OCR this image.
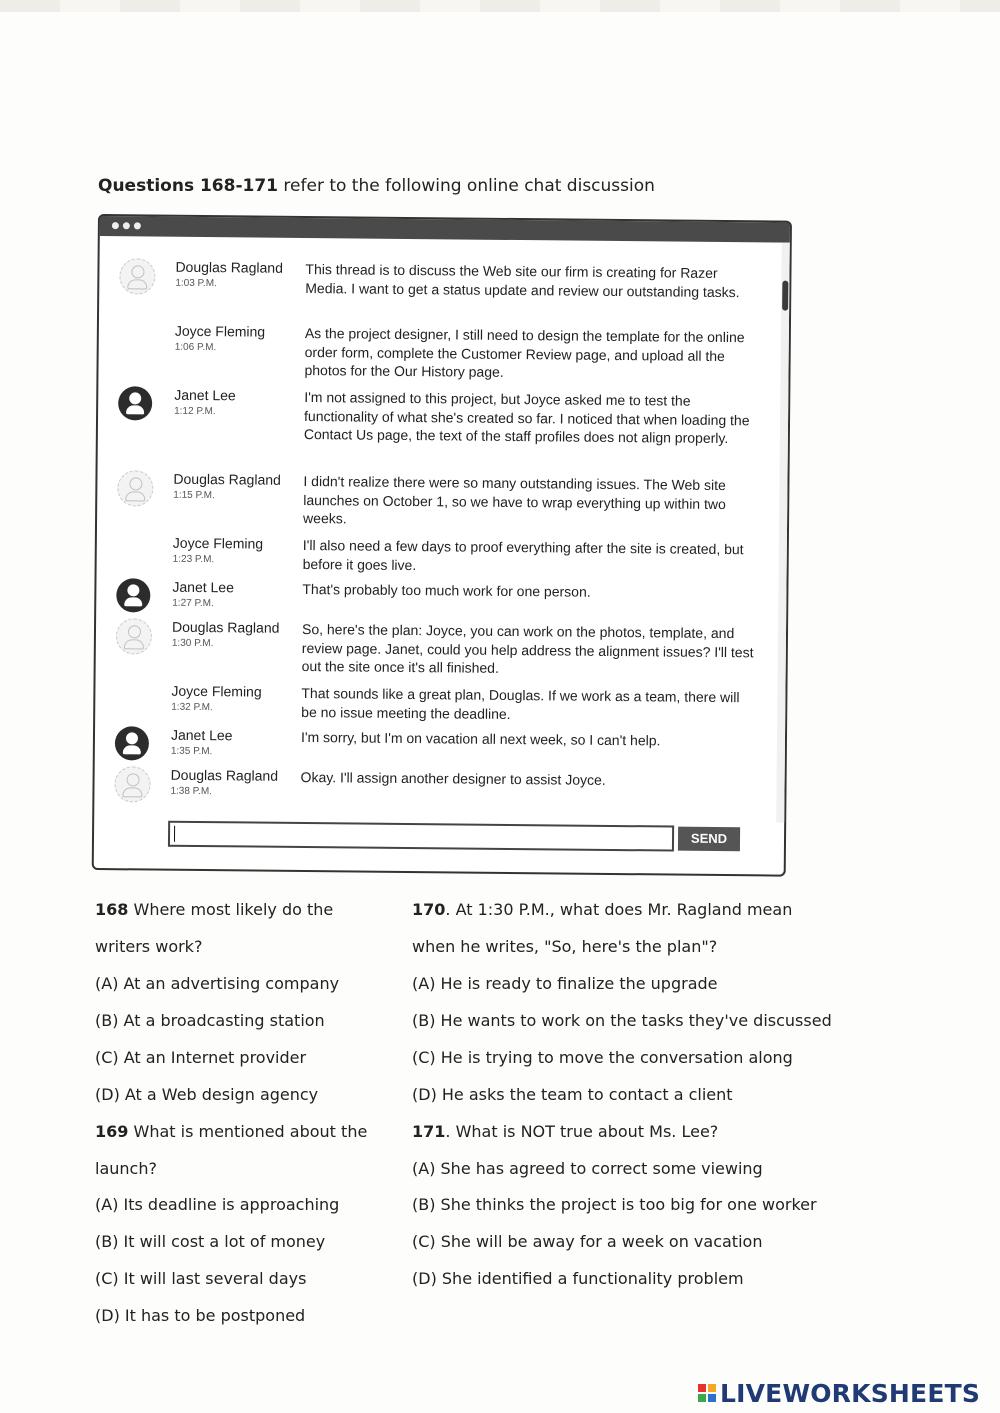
Questions 168-171 refer to the following online chat discussion
Douglas Ragland
1:03 P.M.
This thread is to discuss the Web site our firm is creating for Razer Media. I want to get a status update and review our outstanding tasks.
Joyce Fleming
1:06 P.M.
As the project designer, I still need to design the template for the online order form, complete the Customer Review page, and upload all the photos for the Our History page.
Janet Lee
1:12 P.M.
I'm not assigned to this project, but Joyce asked me to test the functionality of what she's created so far. I noticed that when loading the Contact Us page, the text of the staff profiles does not align properly.
Douglas Ragland
1:15 P.M.
I didn't realize there were so many outstanding issues. The Web site launches on October 1, so we have to wrap everything up within two weeks.
Joyce Fleming
1:23 P.M.
I'll also need a few days to proof everything after the site is created, but before it goes live.
Janet Lee
1:27 P.M.
That's probably too much work for one person.
Douglas Ragland
1:30 P.M.
So, here's the plan: Joyce, you can work on the photos, template, and review page. Janet, could you help address the alignment issues? I'll test out the site once it's all finished.
Joyce Fleming
1:32 P.M.
That sounds like a great plan, Douglas. If we work as a team, there will be no issue meeting the deadline.
Janet Lee
1:35 P.M.
I'm sorry, but I'm on vacation all next week, so I can't help.
Douglas Ragland
1:38 P.M.
Okay. I'll assign another designer to assist Joyce.
SEND
168 Where most likely do the
writers work?
(A) At an advertising company
(B) At a broadcasting station
(C) At an Internet provider
(D) At a Web design agency
169 What is mentioned about the
launch?
(A) Its deadline is approaching
(B) It will cost a lot of money
(C) It will last several days
(D) It has to be postponed
170. At 1:30 P.M., what does Mr. Ragland mean
when he writes, "So, here's the plan"?
(A) He is ready to finalize the upgrade
(B) He wants to work on the tasks they've discussed
(C) He is trying to move the conversation along
(D) He asks the team to contact a client
171. What is NOT true about Ms. Lee?
(A) She has agreed to correct some viewing
(B) She thinks the project is too big for one worker
(C) She will be away for a week on vacation
(D) She identified a functionality problem
LIVEWORKSHEETS
